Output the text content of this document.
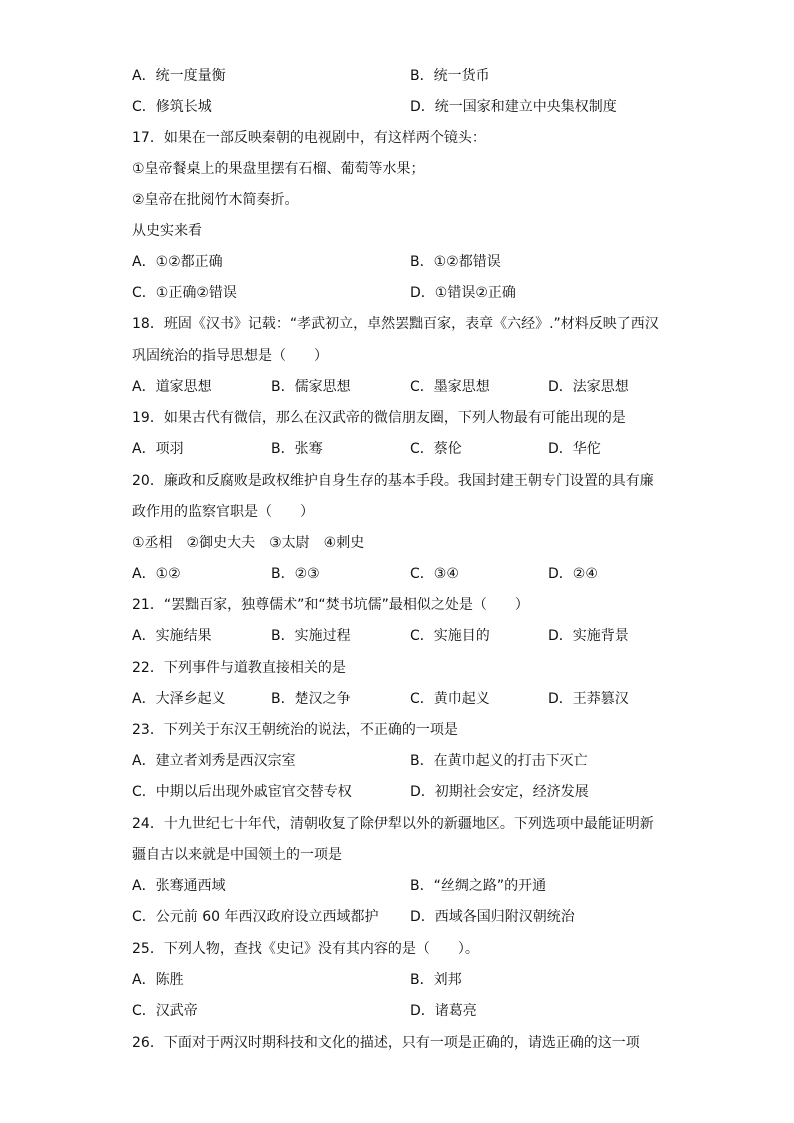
A．统一度量衡	B．统一货币
C．修筑长城	D．统一国家和建立中央集权制度
17．如果在一部反映秦朝的电视剧中，有这样两个镜头：
①皇帝餐桌上的果盘里摆有石榴、葡萄等水果；
②皇帝在批阅竹木简奏折。
从史实来看
A．①②都正确	B．①②都错误
C．①正确②错误	D．①错误②正确
18．班固《汉书》记载：“孝武初立，卓然罢黜百家，表章《六经》.”材料反映了西汉
巩固统治的指导思想是（　　）
A．道家思想	B．儒家思想	C．墨家思想	D．法家思想
19．如果古代有微信，那么在汉武帝的微信朋友圈，下列人物最有可能出现的是
A．项羽	B．张骞	C．蔡伦	D．华佗
20．廉政和反腐败是政权维护自身生存的基本手段。我国封建王朝专门设置的具有廉
政作用的监察官职是（　　）
①丞相　②御史大夫　③太尉　④刺史
A．①②	B．②③	C．③④	D．②④
21．“罢黜百家，独尊儒术”和“焚书坑儒”最相似之处是（　　）
A．实施结果	B．实施过程	C．实施目的	D．实施背景
22．下列事件与道教直接相关的是
A．大泽乡起义	B．楚汉之争	C．黄巾起义	D．王莽篡汉
23．下列关于东汉王朝统治的说法，不正确的一项是
A．建立者刘秀是西汉宗室	B．在黄巾起义的打击下灭亡
C．中期以后出现外戚宦官交替专权	D．初期社会安定，经济发展
24．十九世纪七十年代，清朝收复了除伊犁以外的新疆地区。下列选项中最能证明新
疆自古以来就是中国领土的一项是
A．张骞通西域	B．“丝绸之路”的开通
C．公元前 60 年西汉政府设立西域都护 D．西域各国归附汉朝统治
25．下列人物，查找《史记》没有其内容的是（　　）。
A．陈胜	B．刘邦
C．汉武帝	D．诸葛亮
26．下面对于两汉时期科技和文化的描述，只有一项是正确的，请选正确的这一项
